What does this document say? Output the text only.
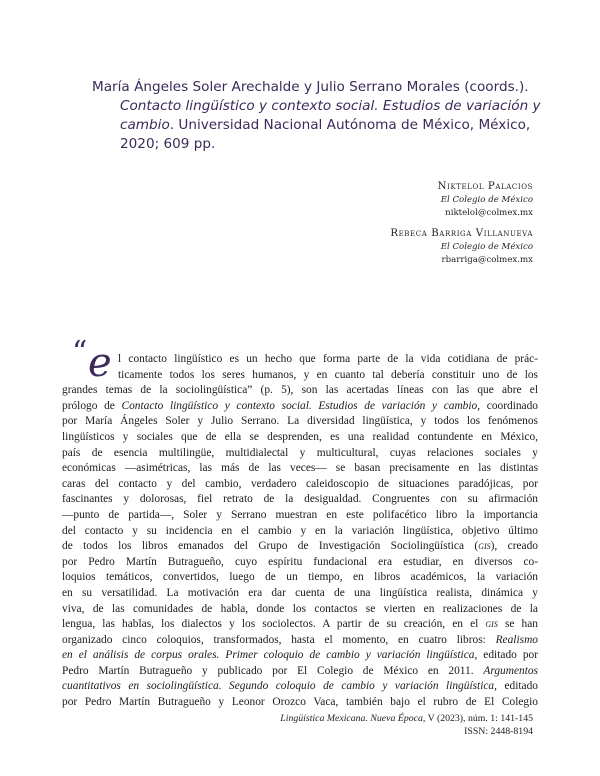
María Ángeles Soler Arechalde y Julio Serrano Morales (coords.).
Contacto lingüístico y contexto social. Estudios de variación y
cambio. Universidad Nacional Autónoma de México, México,
2020; 609 pp.

Niktelol Palacios
El Colegio de México
niktelol@colmex.mx
Rebeca Barriga Villanueva
El Colegio de México
rbarriga@colmex.mx
“ e l contacto lingüístico es un hecho que forma parte de la vida cotidiana de prác-
ticamente todos los seres humanos, y en cuanto tal debería constituir uno de los
grandes temas de la sociolingüística” (p. 5), son las acertadas líneas con las que abre el
prólogo de Contacto lingüístico y contexto social. Estudios de variación y cambio, coordinado
por María Ángeles Soler y Julio Serrano. La diversidad lingüística, y todos los fenómenos
lingüísticos y sociales que de ella se desprenden, es una realidad contundente en México,
país de esencia multilingüe, multidialectal y multicultural, cuyas relaciones sociales y
económicas —asimétricas, las más de las veces— se basan precisamente en las distintas
caras del contacto y del cambio, verdadero caleidoscopio de situaciones paradójicas, por
fascinantes y dolorosas, fiel retrato de la desigualdad. Congruentes con su afirmación
—punto de partida—, Soler y Serrano muestran en este polifacético libro la importancia
del contacto y su incidencia en el cambio y en la variación lingüística, objetivo último
de todos los libros emanados del Grupo de Investigación Sociolingüística (gis), creado
por Pedro Martín Butragueño, cuyo espíritu fundacional era estudiar, en diversos co-
loquios temáticos, convertidos, luego de un tiempo, en libros académicos, la variación
en su versatilidad. La motivación era dar cuenta de una lingüística realista, dinámica y
viva, de las comunidades de habla, donde los contactos se vierten en realizaciones de la
lengua, las hablas, los dialectos y los sociolectos. A partir de su creación, en el gis se han
organizado cinco coloquios, transformados, hasta el momento, en cuatro libros: Realismo
en el análisis de corpus orales. Primer coloquio de cambio y variación lingüística, editado por
Pedro Martín Butragueño y publicado por El Colegio de México en 2011. Argumentos
cuantitativos en sociolingüística. Segundo coloquio de cambio y variación lingüística, editado
por Pedro Martín Butragueño y Leonor Orozco Vaca, también bajo el rubro de El Colegio
Lingüística Mexicana. Nueva Época, V (2023), núm. 1: 141-145
ISSN: 2448-8194
